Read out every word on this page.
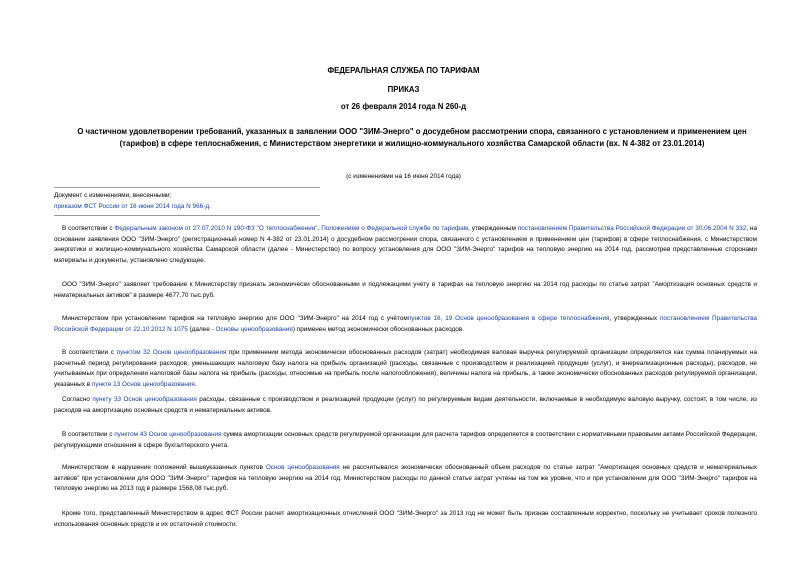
ФЕДЕРАЛЬНАЯ СЛУЖБА ПО ТАРИФАМ
ПРИКАЗ
от 26 февраля 2014 года N 260-д
О частичном удовлетворении требований, указанных в заявлении ООО "ЗИМ-Энерго" о досудебном рассмотрении спора, связанного с установлением и применением цен (тарифов) в сфере теплоснабжения, с Министерством энергетики и жилищно-коммунального хозяйства Самарской области (вх. N 4-382 от 23.01.2014)
(с изменениями на 16 июня 2014 года)
Документ с изменениями, внесенными:
приказом ФСТ России от 16 июня 2014 года N 966-д.
В соответствии с Федеральным законом от 27.07.2010 N 190-ФЗ "О теплоснабжении", Положением о Федеральной службе по тарифам, утвержденным постановлением Правительства Российской Федерации от 30.06.2004 N 332, на основании заявления ООО "ЗИМ-Энерго" (регистрационный номер N 4-382 от 23.01.2014) о досудебном рассмотрении спора, связанного с установлением и применением цен (тарифов) в сфере теплоснабжения, с Министерством энергетики и жилищно-коммунального хозяйства Самарской области (далее - Министерство) по вопросу установления для ООО "ЗИМ-Энерго" тарифов на тепловую энергию на 2014 год, рассмотрев представленные сторонами материалы и документы, установлено следующее.
ООО "ЗИМ-Энерго" заявляет требование к Министерству признать экономически обоснованными и подлежащими учету в тарифах на тепловую энергию на 2014 год расходы по статье затрат "Амортизация основных средств и нематериальных активов" в размере 4677,70 тыс.руб.
Министерством при установлении тарифов на тепловую энергию для ООО "ЗИМ-Энерго" на 2014 год с учётомпунктов 16, 19 Основ ценообразования в сфере теплоснабжения, утвержденных постановлением Правительства Российской Федерации от 22.10.2012 N 1075 (далее - Основы ценообразования) применен метод экономически обоснованных расходов.
В соответствии с пунктом 32 Основ ценообразования при применении метода экономически обоснованных расходов (затрат) необходимая валовая выручка регулируемой организации определяется как сумма планируемых на расчетный период регулирования расходов, уменьшающих налоговую базу налога на прибыль организаций (расходы, связанные с производством и реализацией продукции (услуг), и внереализационные расходы), расходов, не учитываемых при определении налоговой базы налога на прибыль (расходы, относимые на прибыль после налогообложения), величины налога на прибыль, а также экономически обоснованных расходов регулируемой организации, указанных в пункте 13 Основ ценообразования.
Согласно пункту 33 Основ ценообразования расходы, связанные с производством и реализацией продукции (услуг) по регулируемым видам деятельности, включаемые в необходимую валовую выручку, состоят, в том числе, из расходов на амортизацию основных средств и нематериальных активов.
В соответствии с пунктом 43 Основ ценообразования сумма амортизации основных средств регулируемой организации для расчета тарифов определяется в соответствии с нормативными правовыми актами Российской Федерации, регулирующими отношения в сфере бухгалтерского учета.
Министерством в нарушение положений вышеуказанных пунктов Основ ценообразования не рассчитывался экономически обоснованный объем расходов по статье затрат "Амортизация основных средств и нематериальных активов" при установлении для ООО "ЗИМ-Энерго" тарифов на тепловую энергию на 2014 год. Министерством расходы по данной статье затрат учтены на том же уровне, что и при установлении для ООО "ЗИМ-Энерго" тарифов на тепловую энергию на 2013 год в размере 1568,08 тыс.руб.
Кроме того, представленный Министерством в адрес ФСТ России расчет амортизационных отчислений ООО "ЗИМ-Энерго" за 2013 год не может быть признан составленным корректно, поскольку не учитывает сроков полезного использования основных средств и их остаточной стоимости.
